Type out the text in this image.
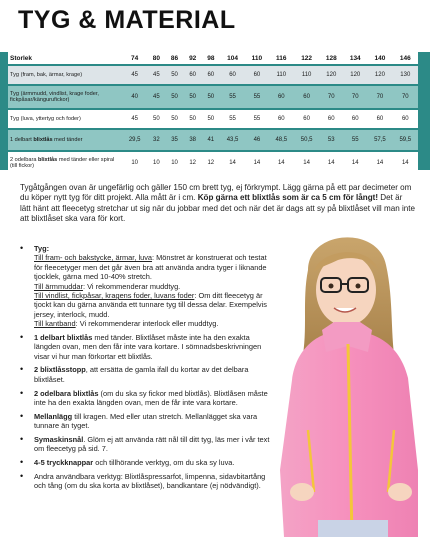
TYG & MATERIAL
Storlek	74	80	86	92	98	104	110	116	122	128	134	140	146

Tyg (fram, bak, ärmar, krage)	45	45	50	60	60	60	60	110	110	120	120	120	130

Tyg (ärmmudd, vindlist, krage foder, fickpåsar/kängurufickor)	40	45	50	50	50	55	55	60	60	70	70	70	70

Tyg (luva, yttertyg och foder)	45	50	50	50	50	55	55	60	60	60	60	60	60

1 delbart blixtlås med tänder	29,5	32	35	38	41	43,5	46	48,5	50,5	53	55	57,5	59,5

2 odelbara blixtlås med tänder eller spiral (till fickor)	10	10	10	12	12	14	14	14	14	14	14	14	14
Tygåtgången ovan är ungefärlig och gäller 150 cm brett tyg, ej förkrympt. Lägg gärna på ett par decimeter om du köper nytt tyg för ditt projekt. Alla mått är i cm. Köp gärna ett blixtlås som är ca 5 cm för långt! Det är lätt hänt att fleecetyg stretchar ut sig när du jobbar med det och när det är dags att sy på blixtlåset vill man inte att blixtlåset ska vara för kort.
• Tyg:
Till fram- och bakstycke, ärmar, luva: Mönstret är konstruerat och testat för fleecetyger men det går även bra att använda andra tyger i liknande tjocklek, gärna med 10-40% stretch.
Till ärmmuddar: Vi rekommenderar muddtyg.
Till vindlist, fickpåsar, kragens foder, luvans foder: Om ditt fleecetyg är tjockt kan du gärna använda ett tunnare tyg till dessa delar. Exempelvis jersey, interlock, mudd.
Till kantband: Vi rekommenderar interlock eller muddtyg.
• 1 delbart blixtlås med tänder. Blixtlåset måste inte ha den exakta längden ovan, men den får inte vara kortare. I sömnadsbeskrivningen visar vi hur man förkortar ett blixtlås.
• 2 blixtlåsstopp, att ersätta de gamla ifall du kortar av det delbara blixtlåset.
• 2 odelbara blixtlås (om du ska sy fickor med blixtlås). Blixtlåsen måste inte ha den exakta längden ovan, men de får inte vara kortare.
• Mellanlägg till kragen. Med eller utan stretch. Mellanlägget ska vara tunnare än tyget.
• Symaskinsnål. Glöm ej att använda rätt nål till ditt tyg, läs mer i vår text om fleecetyg på sid. 7.
• 4-5 tryckknappar och tillhörande verktyg, om du ska sy luva.
• Andra användbara verktyg: Blixtlåspressarfot, limpenna, sidavbitartång och tång (om du ska korta av blixtlåset), bandkantare (ej nödvändigt).
